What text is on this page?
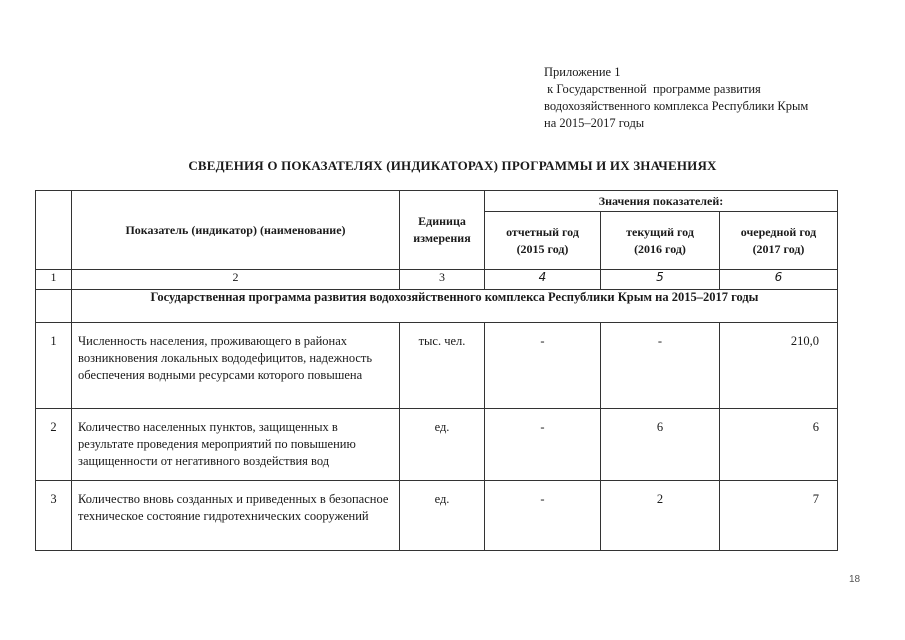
Приложение 1
к Государственной  программе развития
водохозяйственного комплекса Республики Крым
на 2015–2017 годы
СВЕДЕНИЯ О ПОКАЗАТЕЛЯХ (ИНДИКАТОРАХ) ПРОГРАММЫ И ИХ ЗНАЧЕНИЯХ

	Показатель (индикатор) (наименование)	Единица измерения	Значения показателей:		

			отчетный год (2015 год)	текущий год (2016 год)	очередной год (2017 год)

1	2	3	4	5	6
	Государственная программа развития водохозяйственного комплекса Республики Крым на 2015–2017 годы				
1	Численность населения, проживающего в районах возникновения локальных вододефицитов, надежность обеспечения водными ресурсами которого повышена	тыс. чел.	-	-	210,0
2	Количество населенных пунктов, защищенных в результате проведения мероприятий по повышению защищенности от негативного воздействия вод	ед.	-	6	6
3	Количество вновь созданных и приведенных в безопасное техническое состояние гидротехнических сооружений	ед.	-	2	7
18
